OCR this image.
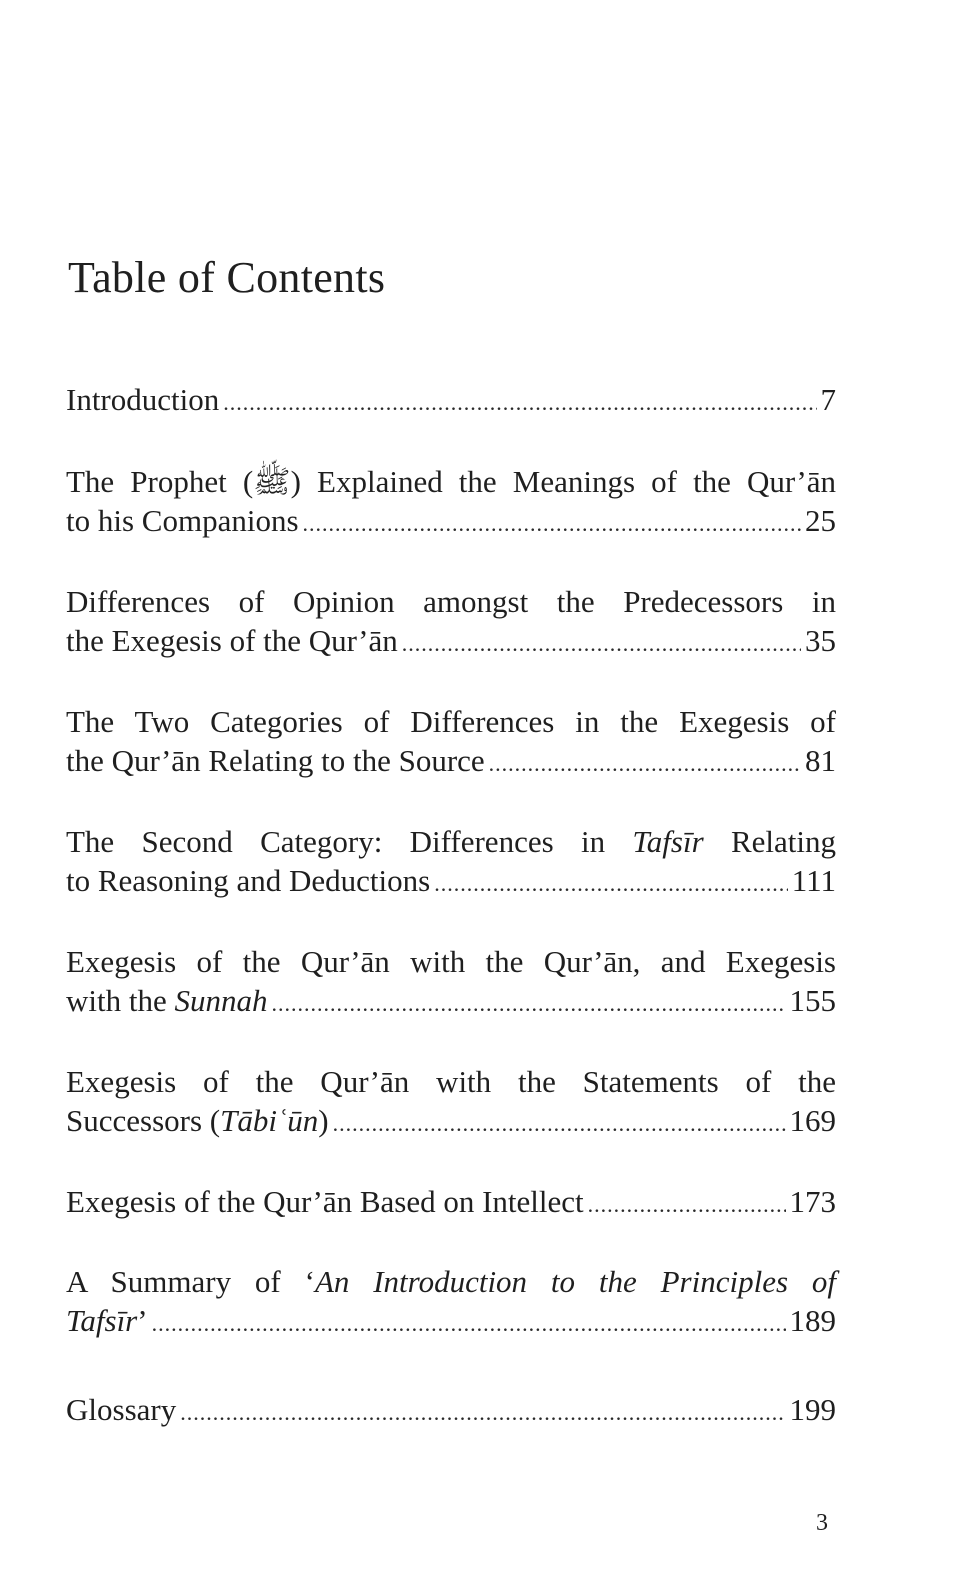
Table of Contents
Introduction .....	7
The Prophet (ﷺ) Explained the Meanings of the Qur’ān
to his Companions .....	25
Differences of Opinion amongst the Predecessors in
the Exegesis of the Qur’ān .....	35
The Two Categories of Differences in the Exegesis of
the Qur’ān Relating to the Source .....	81
The Second Category: Differences in Tafsīr Relating
to Reasoning and Deductions .....	111
Exegesis of the Qur’ān with the Qur’ān, and Exegesis
with the Sunnah .....	155
Exegesis of the Qur’ān with the Statements of the
Successors (Tābiʿūn) .....	169
Exegesis of the Qur’ān Based on Intellect .....	173
A Summary of ‘An Introduction to the Principles of
Tafsīr’ .....	189
Glossary .....	199
3
